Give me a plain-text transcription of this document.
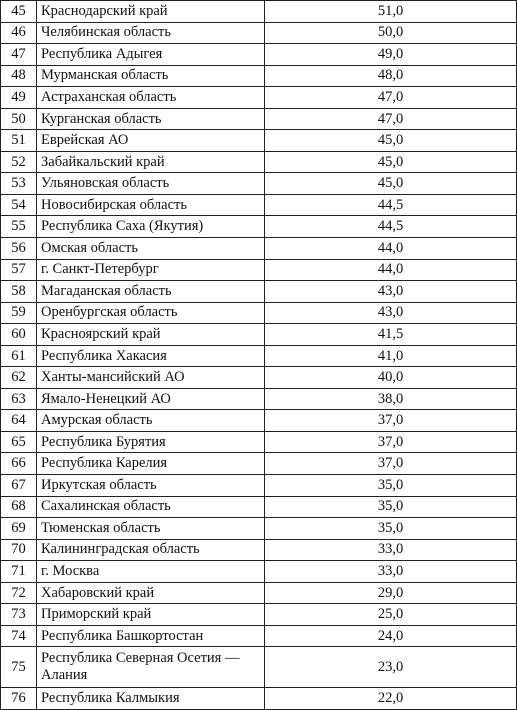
45	Краснодарский край	51,0
46	Челябинская область	50,0
47	Республика Адыгея	49,0
48	Мурманская область	48,0
49	Астраханская область	47,0
50	Курганская область	47,0
51	Еврейская АО	45,0
52	Забайкальский край	45,0
53	Ульяновская область	45,0
54	Новосибирская область	44,5
55	Республика Саха (Якутия)	44,5
56	Омская область	44,0
57	г. Санкт-Петербург	44,0
58	Магаданская область	43,0
59	Оренбургская область	43,0
60	Красноярский край	41,5
61	Республика Хакасия	41,0
62	Ханты-мансийский АО	40,0
63	Ямало-Ненецкий АО	38,0
64	Амурская область	37,0
65	Республика Бурятия	37,0
66	Республика Карелия	37,0
67	Иркутская область	35,0
68	Сахалинская область	35,0
69	Тюменская область	35,0
70	Калининградская область	33,0
71	г. Москва	33,0
72	Хабаровский край	29,0
73	Приморский край	25,0
74	Республика Башкортостан	24,0
75	Республика Северная Осетия — Алания	23,0
76	Республика Калмыкия	22,0
